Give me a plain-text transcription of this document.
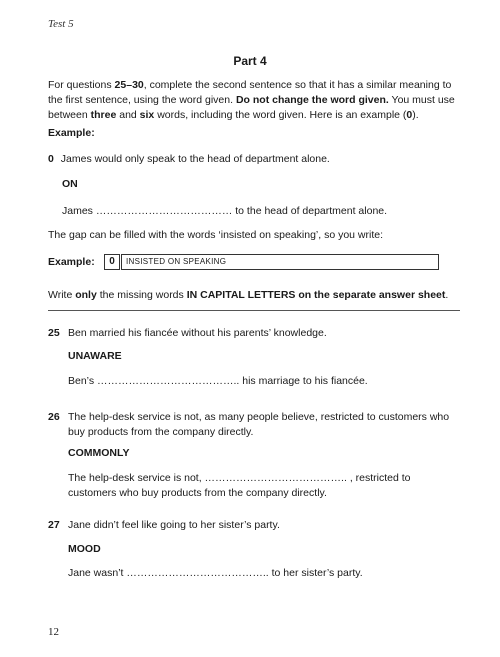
Test 5
Part 4
For questions 25–30, complete the second sentence so that it has a similar meaning to the first sentence, using the word given. Do not change the word given. You must use between three and six words, including the word given. Here is an example (0).
Example:
0 James would only speak to the head of department alone.
ON
James ………………………………… to the head of department alone.
The gap can be filled with the words ‘insisted on speaking’, so you write:
Example:	0	INSISTED ON SPEAKING
Write only the missing words IN CAPITAL LETTERS on the separate answer sheet.
25 Ben married his fiancée without his parents’ knowledge.
UNAWARE
Ben’s ………………………………….. his marriage to his fiancée.
26 The help-desk service is not, as many people believe, restricted to customers who buy products from the company directly.
COMMONLY
The help-desk service is not, ………………………………….. , restricted to customers who buy products from the company directly.
27 Jane didn’t feel like going to her sister’s party.
MOOD
Jane wasn’t ………………………………….. to her sister’s party.
12
